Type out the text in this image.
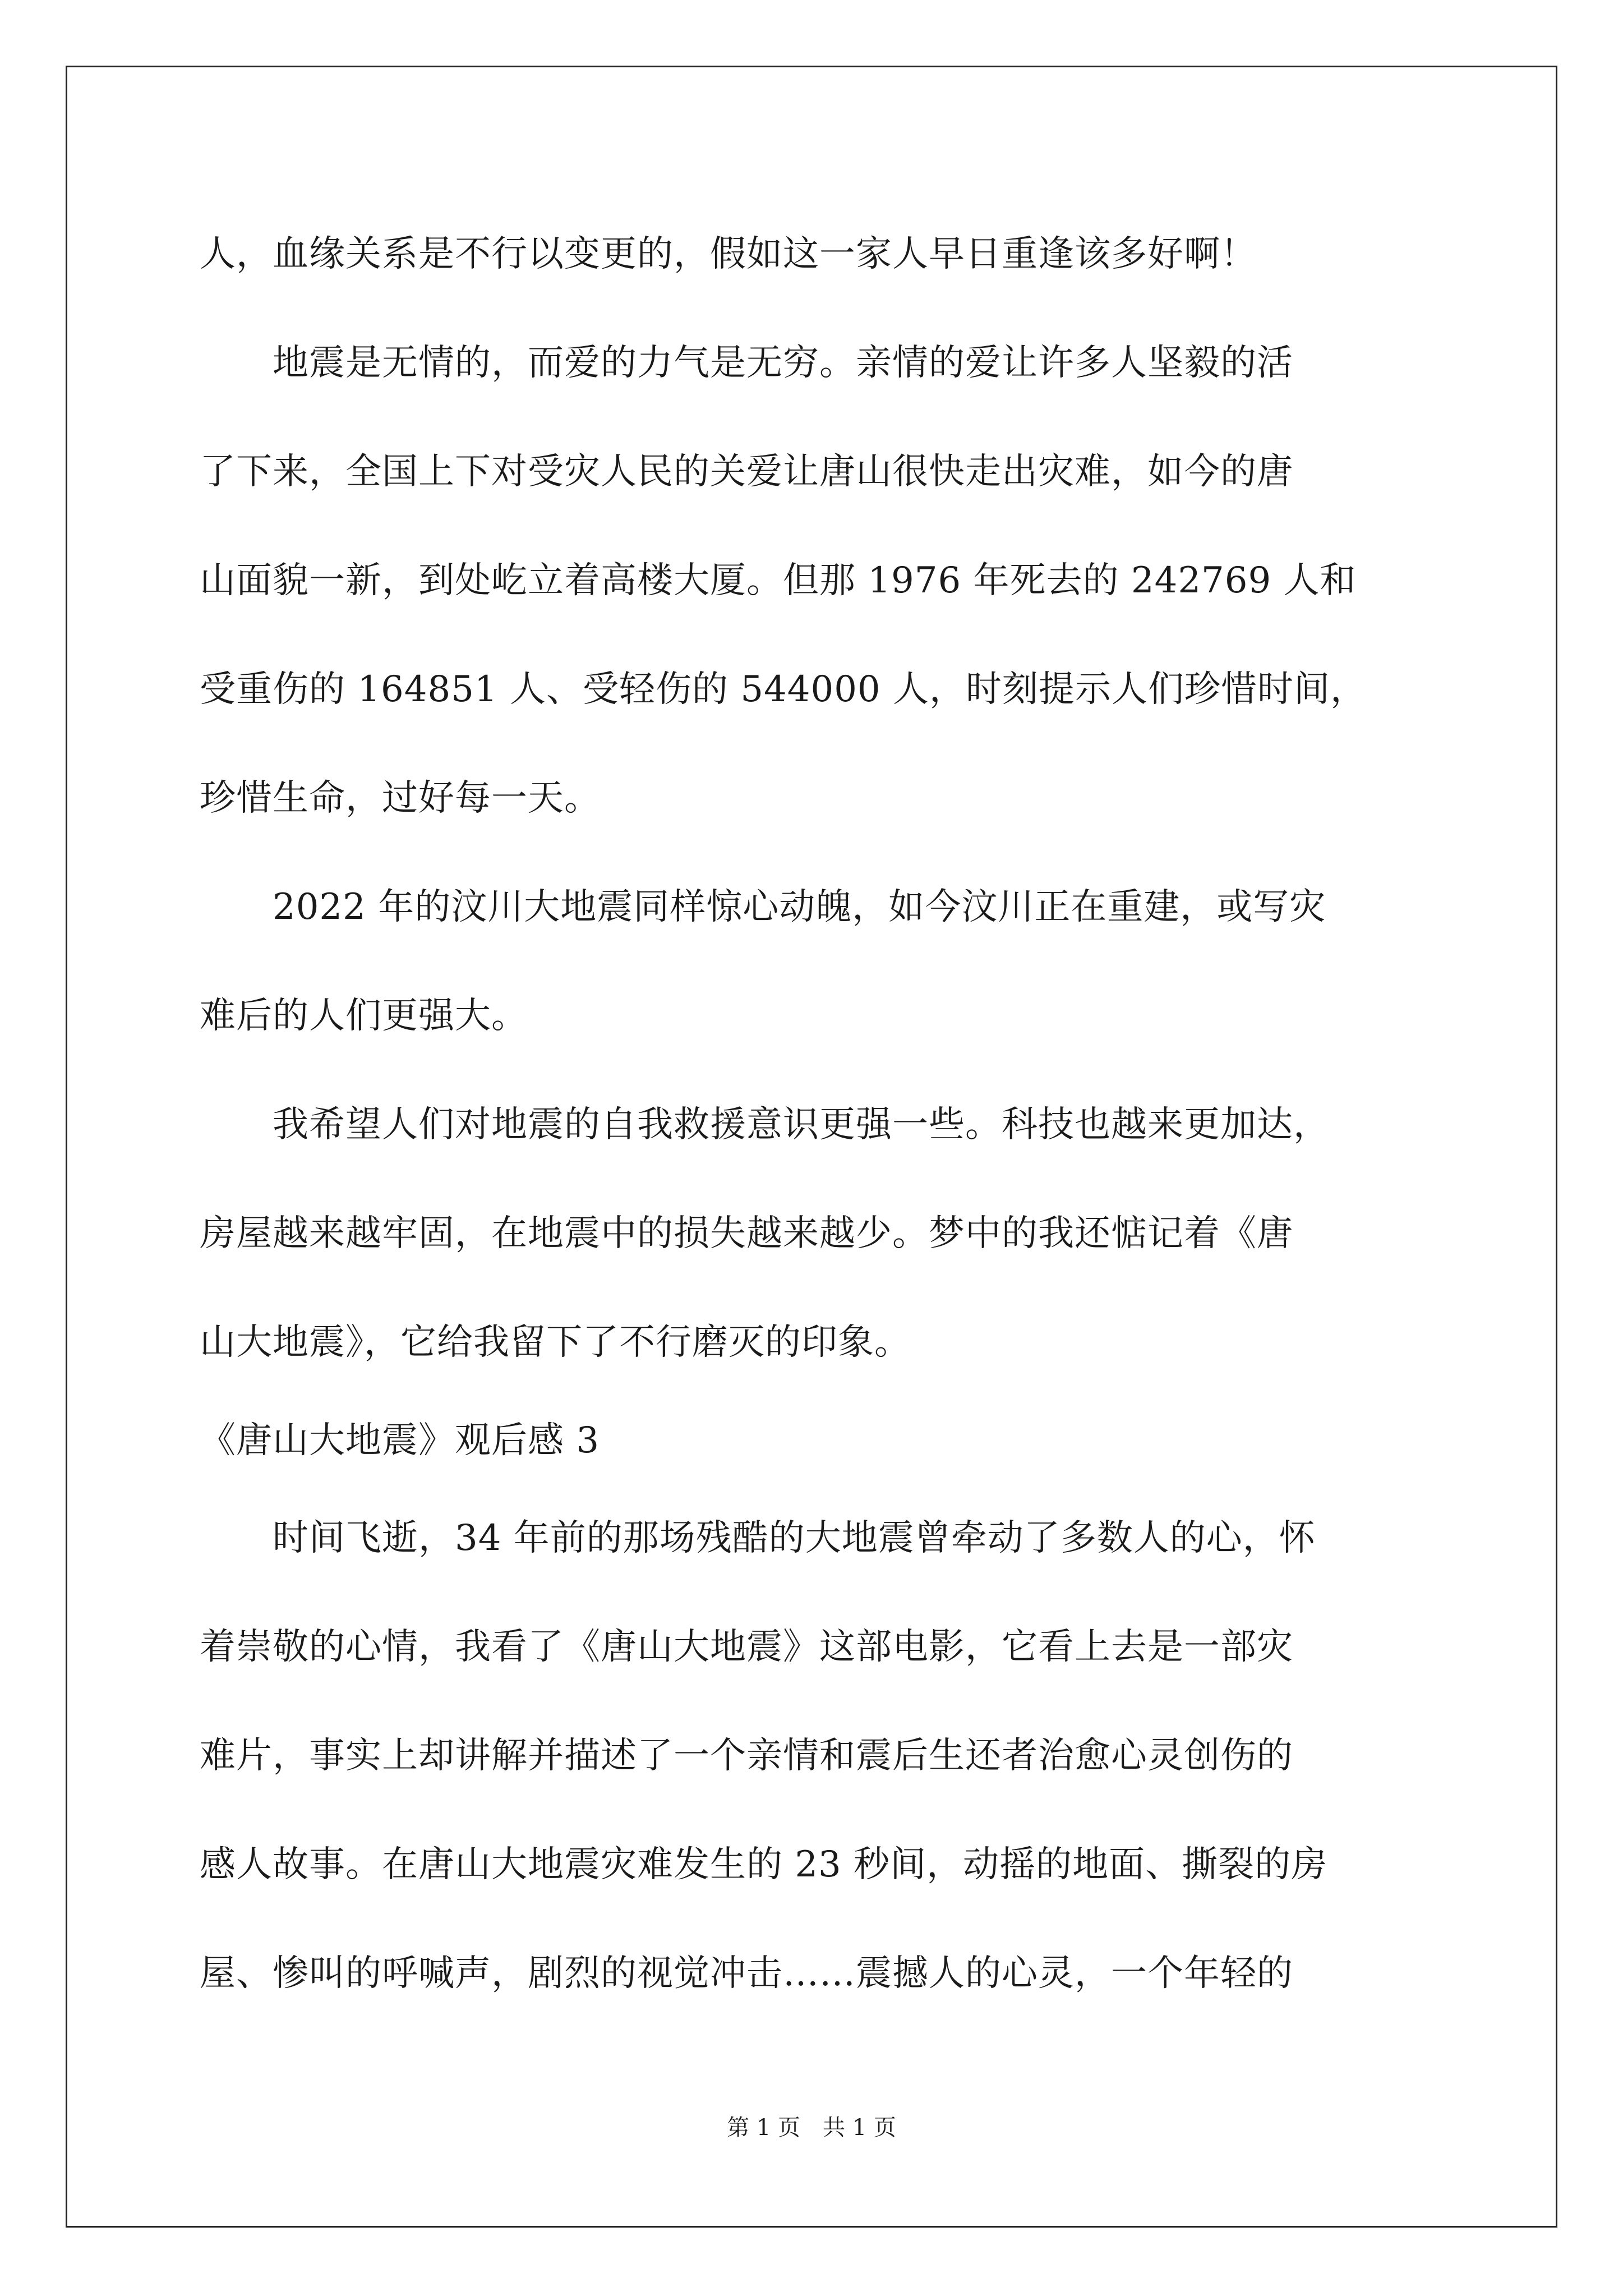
人，血缘关系是不行以变更的，假如这一家人早日重逢该多好啊！
　　地震是无情的，而爱的力气是无穷。亲情的爱让许多人坚毅的活
了下来，全国上下对受灾人民的关爱让唐山很快走出灾难，如今的唐
山面貌一新，到处屹立着高楼大厦。但那 1976 年死去的 242769 人和
受重伤的 164851 人、受轻伤的 544000 人，时刻提示人们珍惜时间，
珍惜生命，过好每一天。
　　2022 年的汶川大地震同样惊心动魄，如今汶川正在重建，或写灾
难后的人们更强大。
　　我希望人们对地震的自我救援意识更强一些。科技也越来更加达，
房屋越来越牢固，在地震中的损失越来越少。梦中的我还惦记着《唐
山大地震》，它给我留下了不行磨灭的印象。
《唐山大地震》观后感 3
　　时间飞逝，34 年前的那场残酷的大地震曾牵动了多数人的心，怀
着崇敬的心情，我看了《唐山大地震》这部电影，它看上去是一部灾
难片，事实上却讲解并描述了一个亲情和震后生还者治愈心灵创伤的
感人故事。在唐山大地震灾难发生的 23 秒间，动摇的地面、撕裂的房
屋、惨叫的呼喊声，剧烈的视觉冲击……震撼人的心灵，一个年轻的
第 1 页　共 1 页
